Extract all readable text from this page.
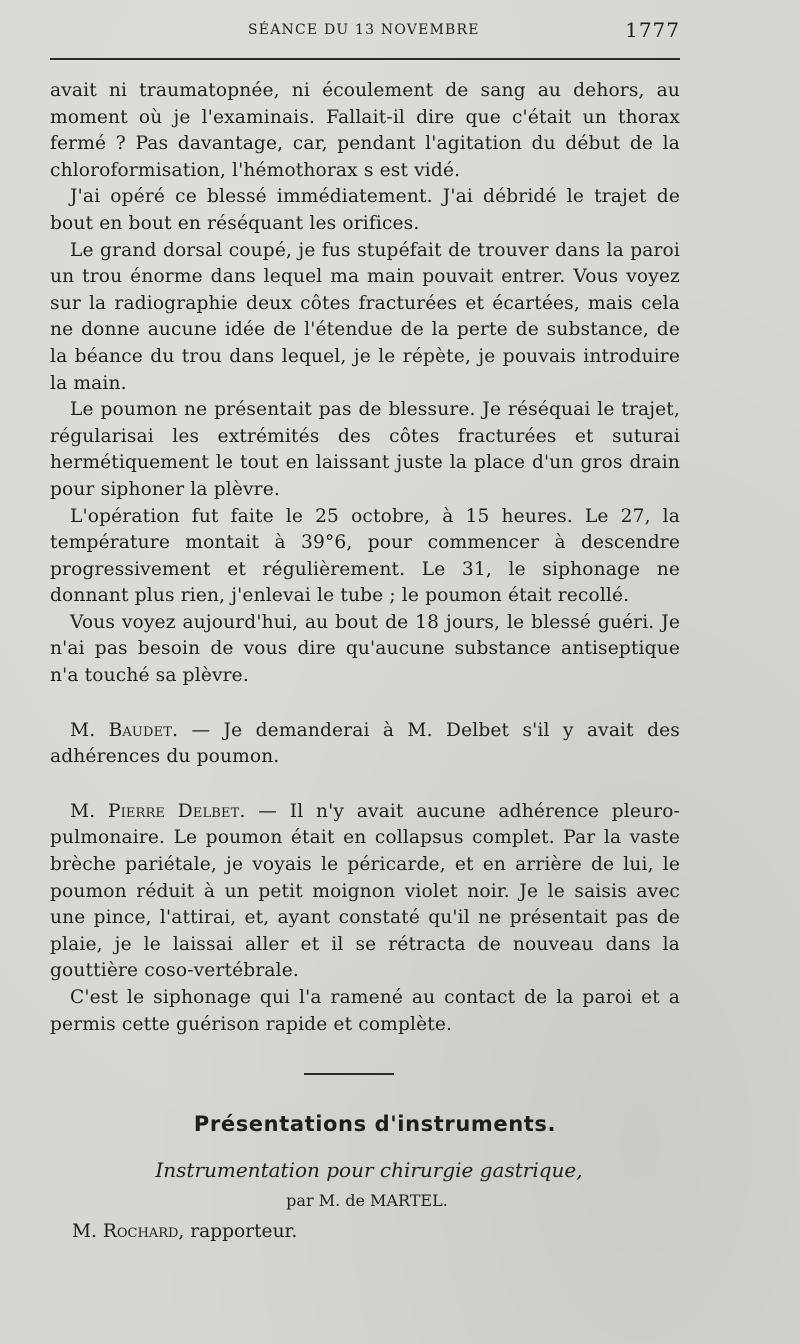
SÉANCE DU 13 NOVEMBRE	1777

avait ni traumatopnée, ni écoulement de sang au dehors, au moment où je l'examinais. Fallait-il dire que c'était un thorax fermé ? Pas davantage, car, pendant l'agitation du début de la chloroformisation, l'hémothorax s est vidé.

J'ai opéré ce blessé immédiatement. J'ai débridé le trajet de bout en bout en réséquant les orifices.

Le grand dorsal coupé, je fus stupéfait de trouver dans la paroi un trou énorme dans lequel ma main pouvait entrer. Vous voyez sur la radiographie deux côtes fracturées et écartées, mais cela ne donne aucune idée de l'étendue de la perte de substance, de la béance du trou dans lequel, je le répète, je pouvais introduire la main.

Le poumon ne présentait pas de blessure. Je réséquai le trajet, régularisai les extrémités des côtes fracturées et suturai hermétiquement le tout en laissant juste la place d'un gros drain pour siphoner la plèvre.

L'opération fut faite le 25 octobre, à 15 heures. Le 27, la température montait à 39°6, pour commencer à descendre progressivement et régulièrement. Le 31, le siphonage ne donnant plus rien, j'enlevai le tube ; le poumon était recollé.

Vous voyez aujourd'hui, au bout de 18 jours, le blessé guéri. Je n'ai pas besoin de vous dire qu'aucune substance antiseptique n'a touché sa plèvre.

M. Baudet. — Je demanderai à M. Delbet s'il y avait des adhérences du poumon.

M. Pierre Delbet. — Il n'y avait aucune adhérence pleuro-pulmonaire. Le poumon était en collapsus complet. Par la vaste brèche pariétale, je voyais le péricarde, et en arrière de lui, le poumon réduit à un petit moignon violet noir. Je le saisis avec une pince, l'attirai, et, ayant constaté qu'il ne présentait pas de plaie, je le laissai aller et il se rétracta de nouveau dans la gouttière coso-vertébrale.

C'est le siphonage qui l'a ramené au contact de la paroi et a permis cette guérison rapide et complète.

Présentations d'instruments.
Instrumentation pour chirurgie gastrique,
par M. de MARTEL.
M. Rochard, rapporteur.
